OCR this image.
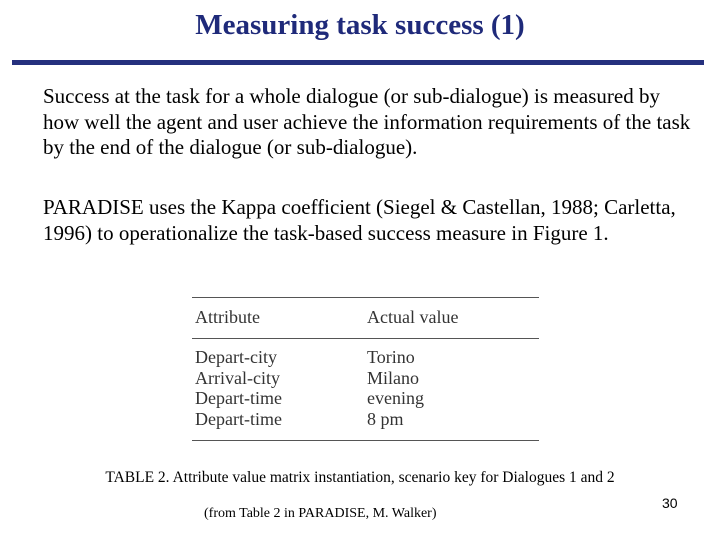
Measuring task success (1)
Success at the task for a whole dialogue (or sub-dialogue) is measured by how well the agent and user achieve the information requirements of the task by the end of the dialogue (or sub-dialogue).
PARADISE uses the Kappa coefficient (Siegel & Castellan, 1988; Carletta, 1996) to operationalize the task-based success measure in Figure 1.
Attribute	Actual value
Depart-city	Torino
Arrival-city	Milano
Depart-time	evening
Depart-time	8 pm
TABLE 2. Attribute value matrix instantiation, scenario key for Dialogues 1 and 2
(from Table 2 in PARADISE, M. Walker)
30
